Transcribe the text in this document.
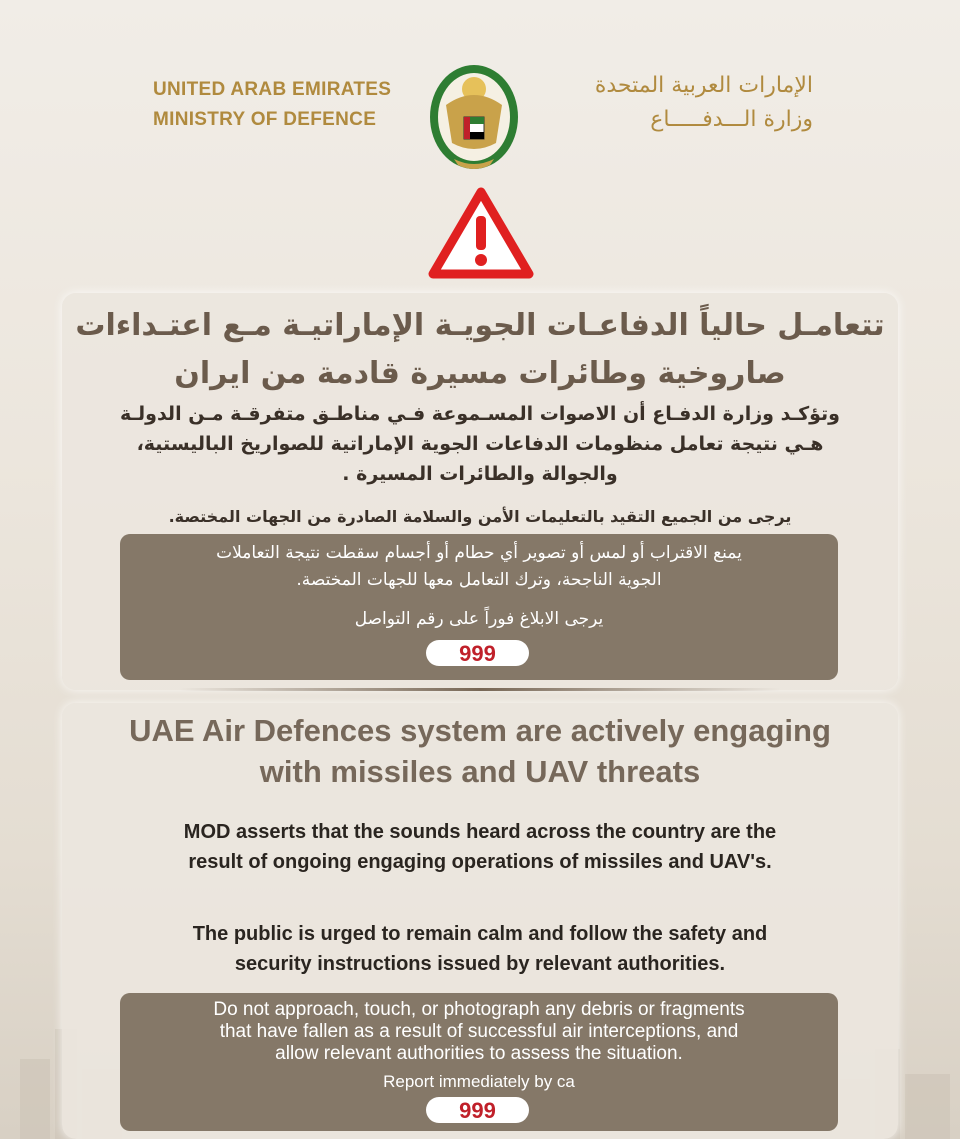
UNITED ARAB EMIRATES
MINISTRY OF DEFENCE
الإمارات العربية المتحدة
وزارة الـــدفـــــاع
تتعامـل حالياً الدفاعـات الجويـة الإماراتيـة مـع اعتـداءات
صاروخية وطائرات مسيرة قادمة من ايران
وتؤكـد وزارة الدفـاع أن الاصوات المسـموعة فـي مناطـق متفرقـة مـن الدولـة
هـي نتيجة تعامل منظومات الدفاعات الجوية الإماراتية للصواريخ الباليستية،
والجوالة والطائرات المسيرة .
يرجى من الجميع التقيد بالتعليمات الأمن والسلامة الصادرة من الجهات المختصة.
يمنع الاقتراب أو لمس أو تصوير أي حطام أو أجسام سقطت نتيجة التعاملات
الجوية الناجحة، وترك التعامل معها للجهات المختصة.
يرجى الابلاغ فوراً على رقم التواصل
999
UAE Air Defences system are actively engaging
with missiles and UAV threats
MOD asserts that the sounds heard across the country are the
result of ongoing engaging operations of missiles and UAV's.
The public is urged to remain calm and follow the safety and
security instructions issued by relevant authorities.
Do not approach, touch, or photograph any debris or fragments
that have fallen as a result of successful air interceptions, and
allow relevant authorities to assess the situation.
Report immediately by ca
999
